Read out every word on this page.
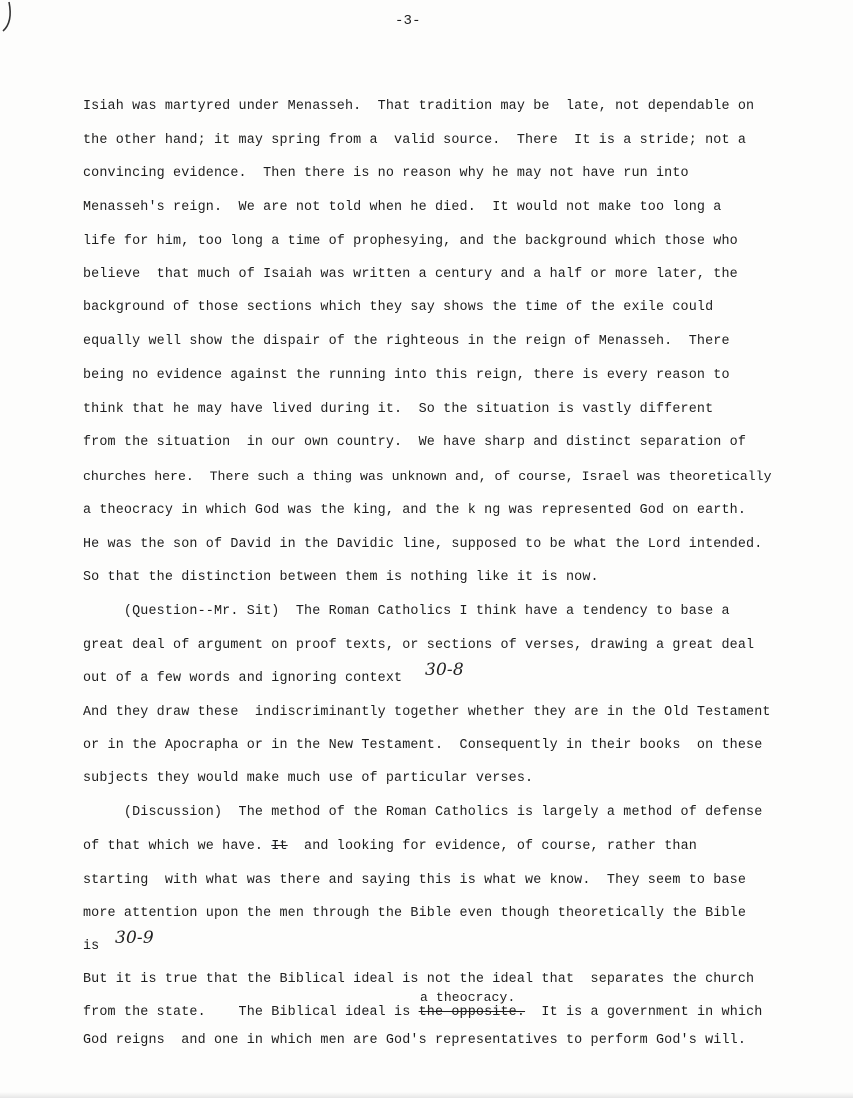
-3-
Isiah was martyred under Menasseh.  That tradition may be  late, not dependable on
the other hand; it may spring from a  valid source.  There  It is a stride; not a
convincing evidence.  Then there is no reason why he may not have run into
Menasseh's reign.  We are not told when he died.  It would not make too long a
life for him, too long a time of prophesying, and the background which those who
believe  that much of Isaiah was written a century and a half or more later, the
background of those sections which they say shows the time of the exile could
equally well show the dispair of the righteous in the reign of Menasseh.  There
being no evidence against the running into this reign, there is every reason to
think that he may have lived during it.  So the situation is vastly different
from the situation  in our own country.  We have sharp and distinct separation of
churches here.  There such a thing was unknown and, of course, Israel was theoretically
a theocracy in which God was the king, and the k ng was represented God on earth.
He was the son of David in the Davidic line, supposed to be what the Lord intended.
So that the distinction between them is nothing like it is now.
(Question--Mr. Sit)  The Roman Catholics I think have a tendency to base a
great deal of argument on proof texts, or sections of verses, drawing a great deal
out of a few words and ignoring context 30-8
And they draw these  indiscriminantly together whether they are in the Old Testament
or in the Apocrapha or in the New Testament.  Consequently in their books  on these
subjects they would make much use of particular verses.
(Discussion)  The method of the Roman Catholics is largely a method of defense
of that which we have. It and looking for evidence, of course, rather than
starting  with what was there and saying this is what we know.  They seem to base
more attention upon the men through the Bible even though theoretically the Bible
is 30-9
But it is true that the Biblical ideal is not the ideal that  separates the church
a theocracy.
from the state.    The Biblical ideal is the opposite. It is a government in which
God reigns  and one in which men are God's representatives to perform God's will.
